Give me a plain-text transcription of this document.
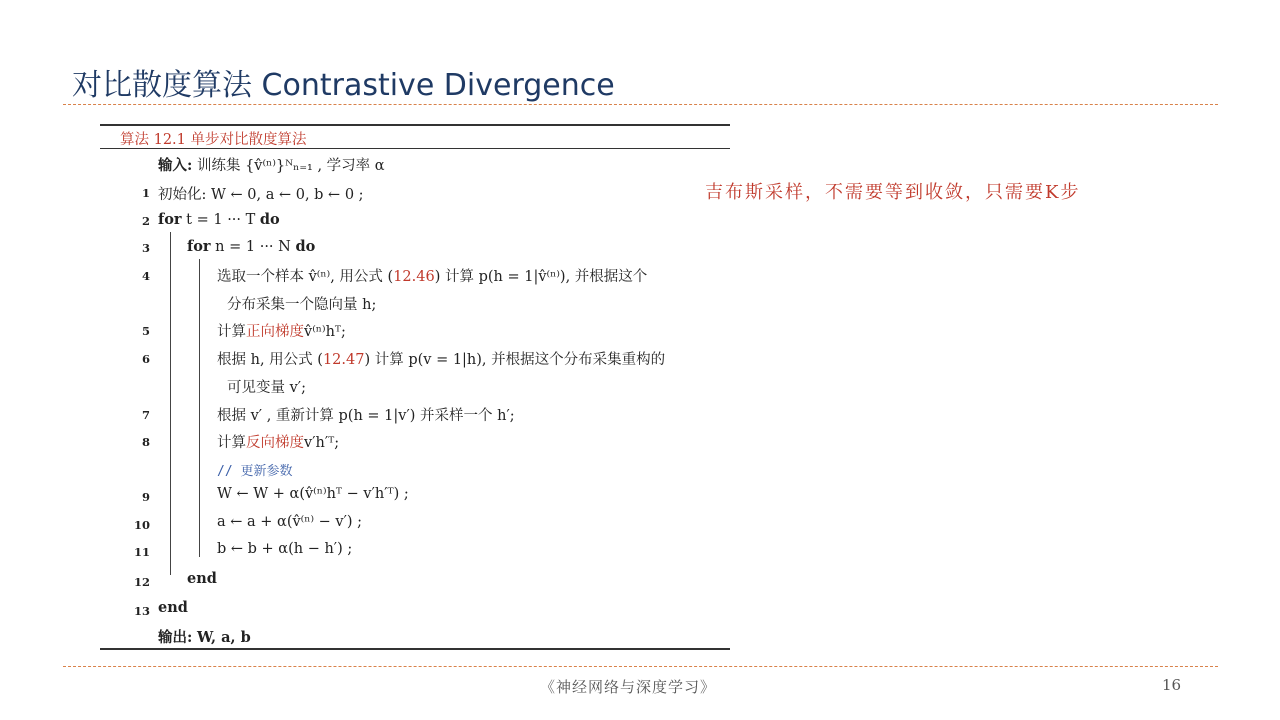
对比散度算法 Contrastive Divergence
算法 12.1 单步对比散度算法
输入: 训练集 {v̂⁽ⁿ⁾}ᴺₙ₌₁ , 学习率 α
1 初始化: W ← 0, a ← 0, b ← 0 ;
2 for t = 1 ··· T do
3	for n = 1 ··· N do
4	选取一个样本 v̂⁽ⁿ⁾, 用公式 (12.46) 计算 p(h = 1|v̂⁽ⁿ⁾), 并根据这个
分布采集一个隐向量 h;
5	计算正向梯度v̂⁽ⁿ⁾hᵀ;
6	根据 h, 用公式 (12.47) 计算 p(v = 1|h), 并根据这个分布采集重构的
可见变量 v′;
7	根据 v′ , 重新计算 p(h = 1|v′) 并采样一个 h′;
8	计算反向梯度v′h′ᵀ;
// 更新参数
9	W ← W + α(v̂⁽ⁿ⁾hᵀ − v′h′ᵀ) ;
10	a ← a + α(v̂⁽ⁿ⁾ − v′) ;
11	b ← b + α(h − h′) ;
12	end
13 end
输出: W, a, b
吉布斯采样，不需要等到收敛，只需要K步
《神经网络与深度学习》	16
